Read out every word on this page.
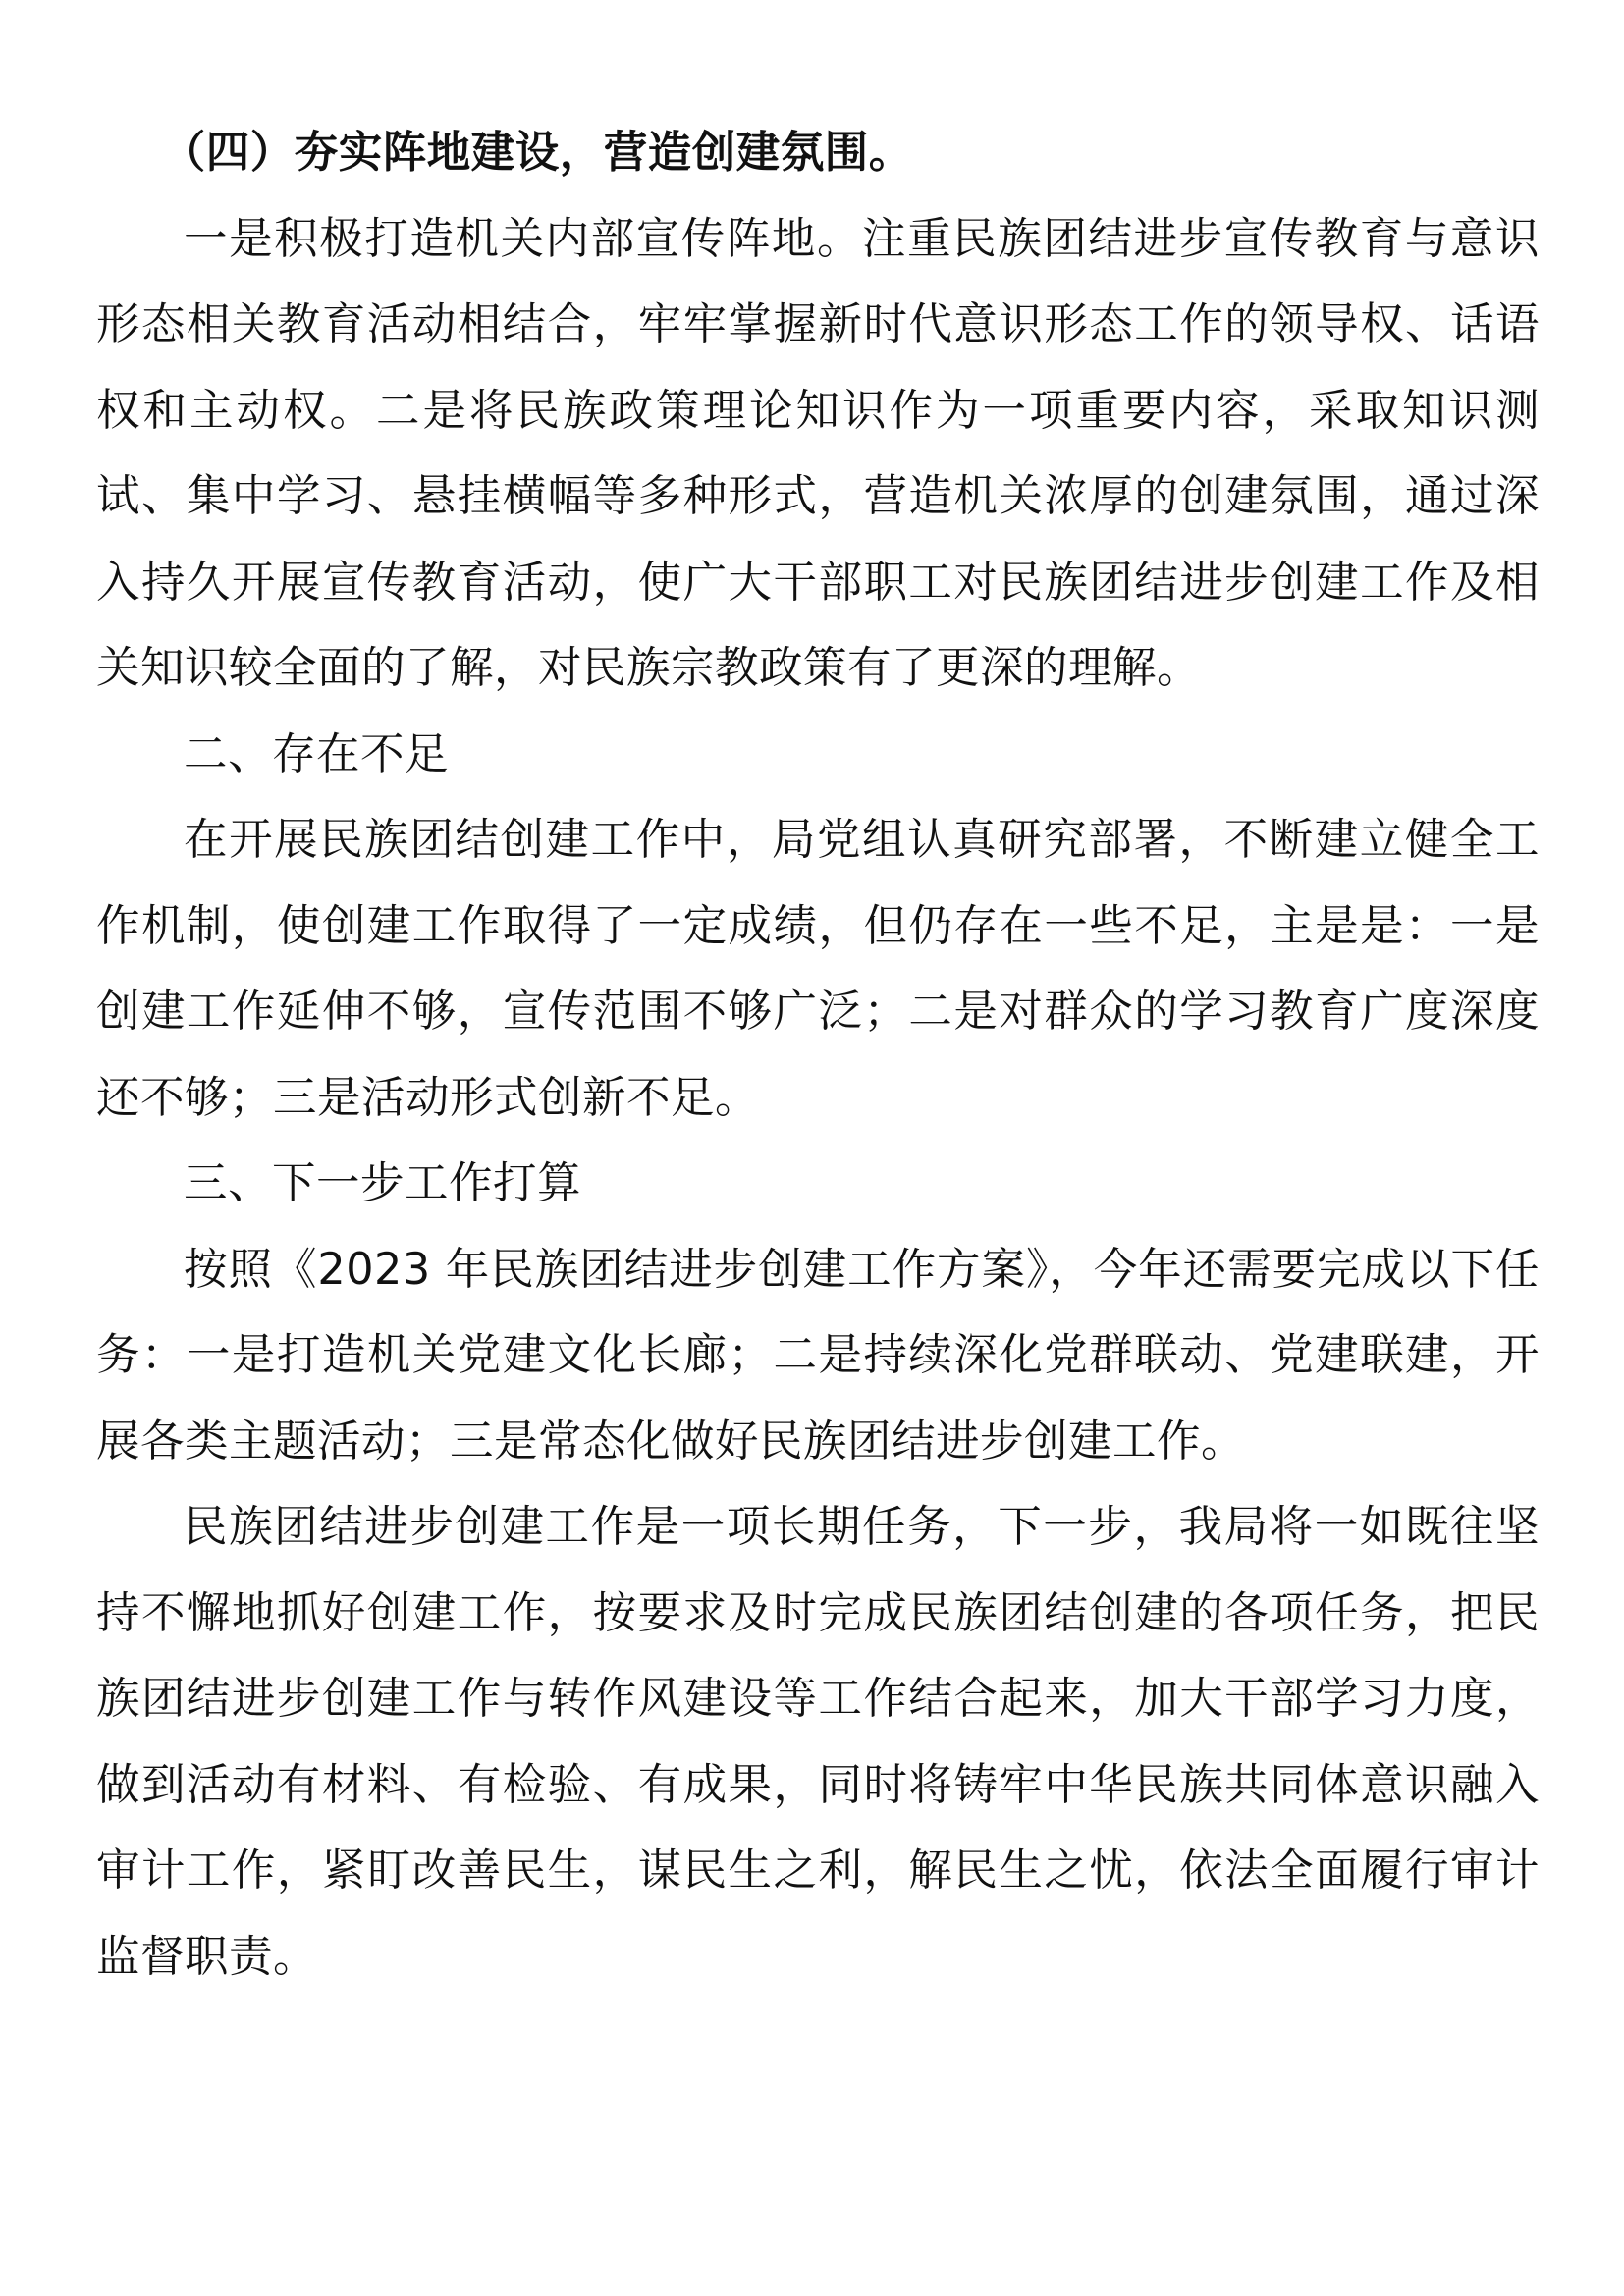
（四）夯实阵地建设，营造创建氛围。

一是积极打造机关内部宣传阵地。注重民族团结进步宣传教育与意识形态相关教育活动相结合，牢牢掌握新时代意识形态工作的领导权、话语权和主动权。二是将民族政策理论知识作为一项重要内容，采取知识测试、集中学习、悬挂横幅等多种形式，营造机关浓厚的创建氛围，通过深入持久开展宣传教育活动，使广大干部职工对民族团结进步创建工作及相关知识较全面的了解，对民族宗教政策有了更深的理解。

二、存在不足

在开展民族团结创建工作中，局党组认真研究部署，不断建立健全工作机制，使创建工作取得了一定成绩，但仍存在一些不足，主是是：一是创建工作延伸不够，宣传范围不够广泛；二是对群众的学习教育广度深度还不够；三是活动形式创新不足。

三、下一步工作打算

按照《2023 年民族团结进步创建工作方案》，今年还需要完成以下任务：一是打造机关党建文化长廊；二是持续深化党群联动、党建联建，开展各类主题活动；三是常态化做好民族团结进步创建工作。

民族团结进步创建工作是一项长期任务，下一步，我局将一如既往坚持不懈地抓好创建工作，按要求及时完成民族团结创建的各项任务，把民族团结进步创建工作与转作风建设等工作结合起来，加大干部学习力度，做到活动有材料、有检验、有成果，同时将铸牢中华民族共同体意识融入审计工作，紧盯改善民生，谋民生之利，解民生之忧，依法全面履行审计监督职责。
